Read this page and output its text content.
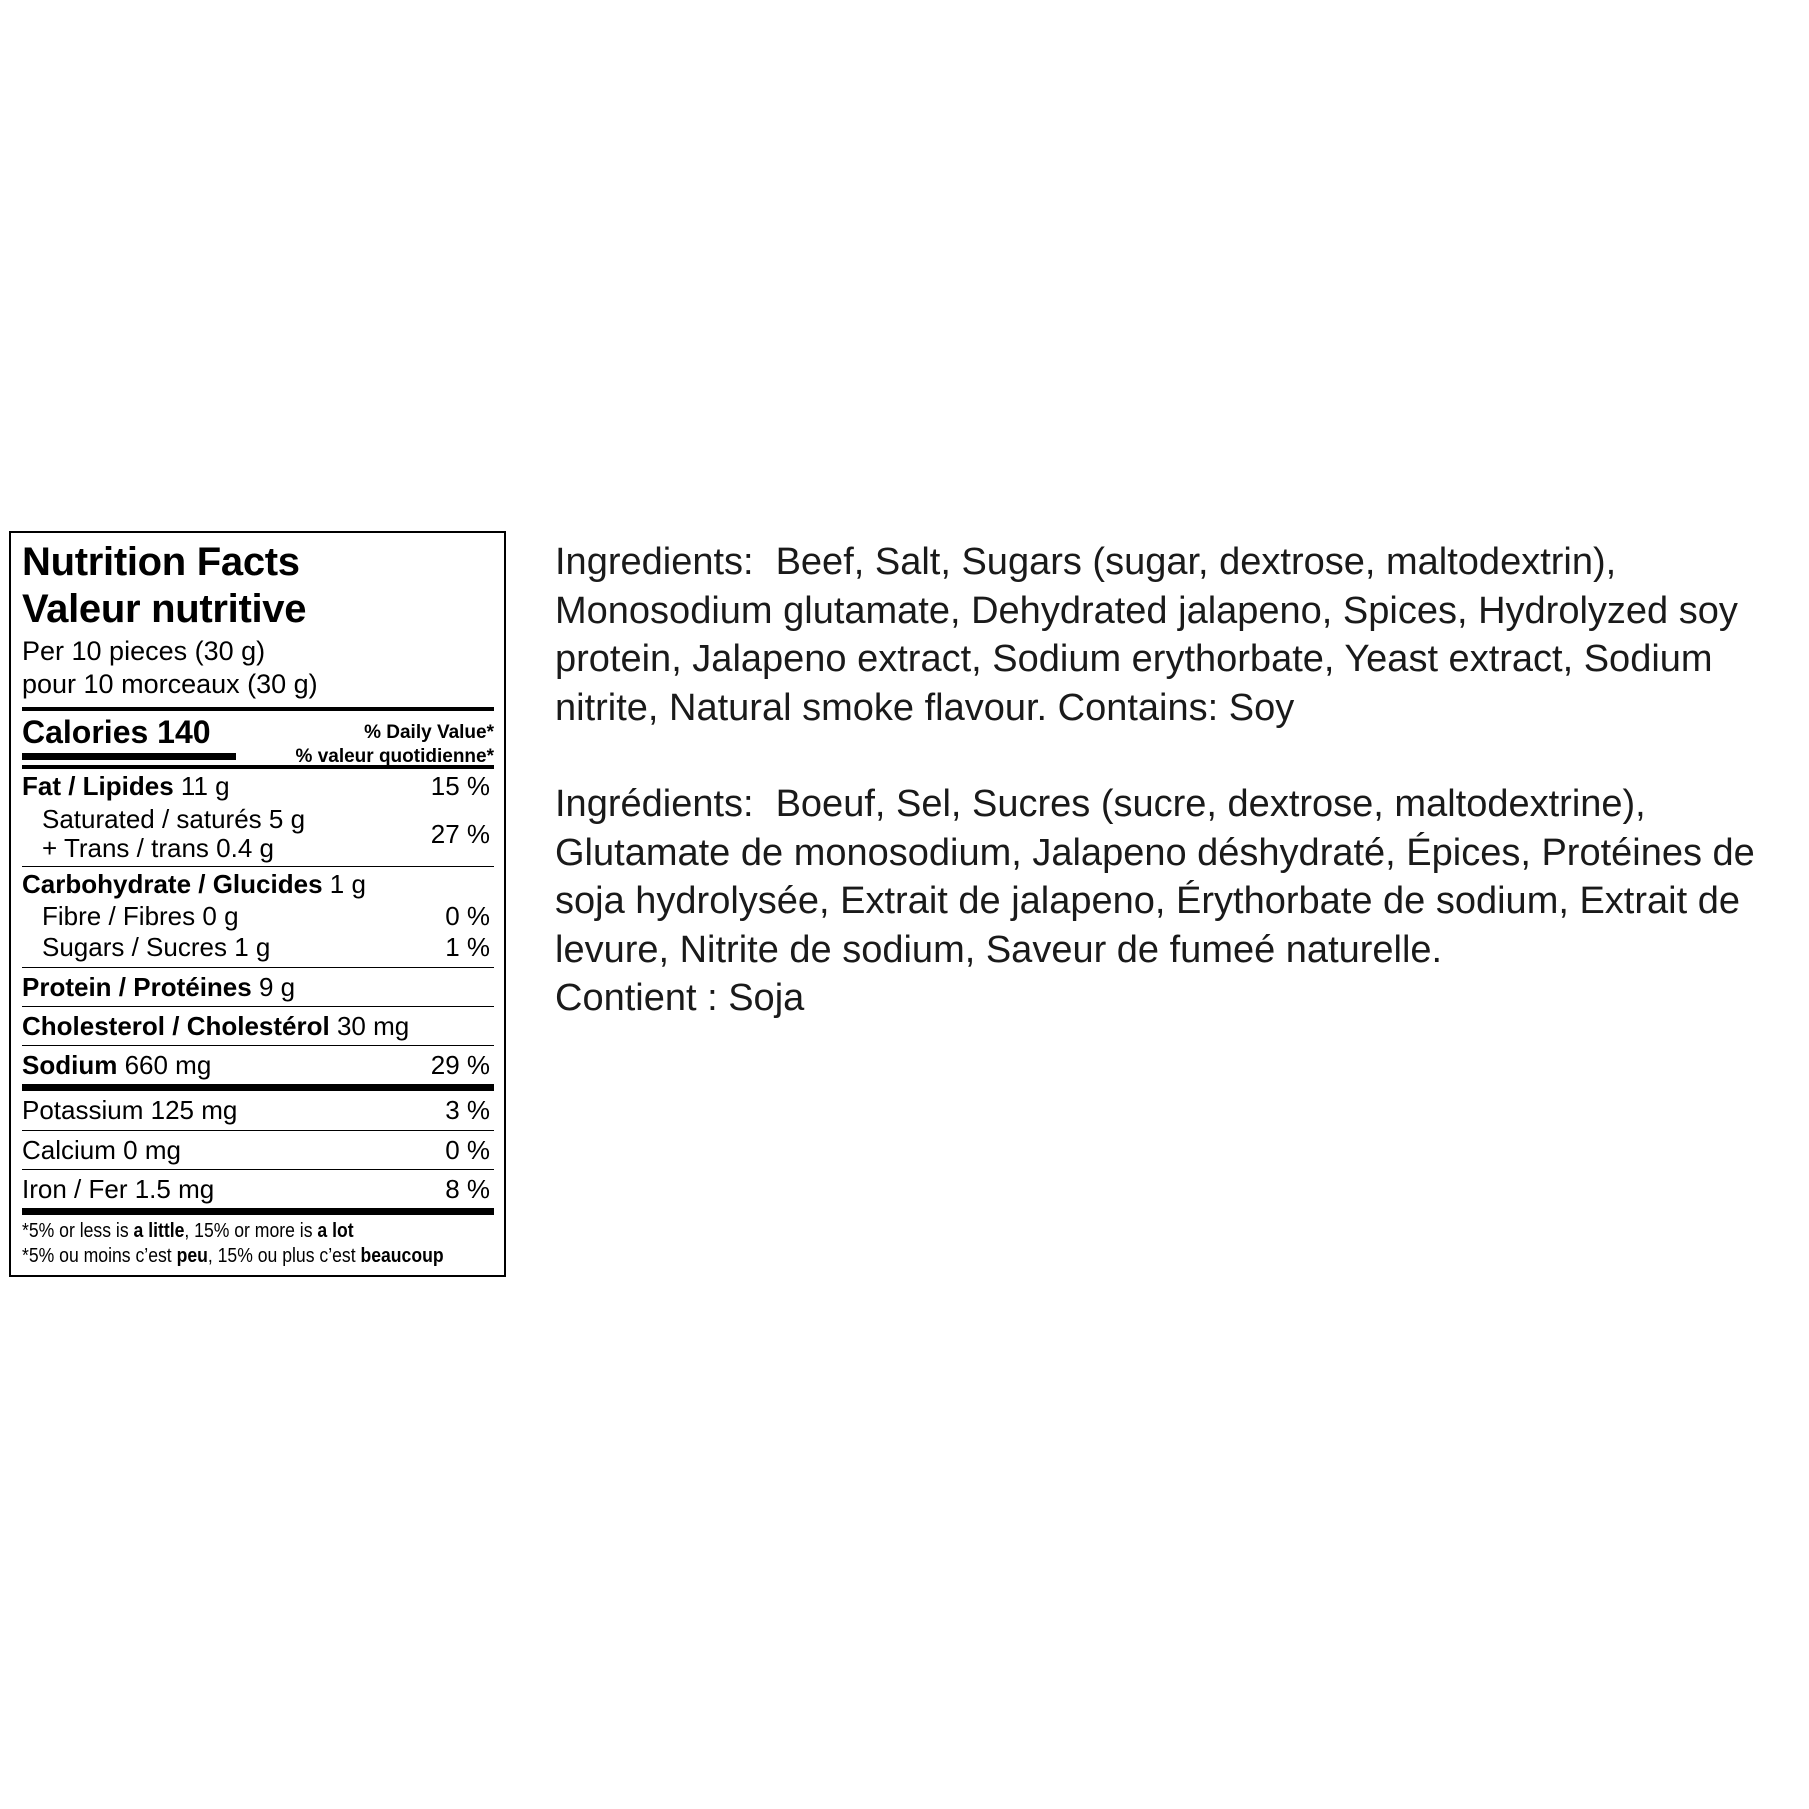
Nutrition Facts
Valeur nutritive
Per 10 pieces (30 g)
pour 10 morceaux (30 g)
Calories 140	% Daily Value*
% valeur quotidienne*
Fat / Lipides 11 g	15 %
Saturated / saturés 5 g
+ Trans / trans 0.4 g	27 %
Carbohydrate / Glucides 1 g
Fibre / Fibres 0 g	0 %
Sugars / Sucres 1 g	1 %
Protein / Protéines 9 g
Cholesterol / Cholestérol 30 mg
Sodium 660 mg	29 %
Potassium 125 mg	3 %
Calcium 0 mg	0 %
Iron / Fer 1.5 mg	8 %
*5% or less is a little, 15% or more is a lot
*5% ou moins c’est peu, 15% ou plus c’est beaucoup

Ingredients: Beef, Salt, Sugars (sugar, dextrose, maltodextrin), Monosodium glutamate, Dehydrated jalapeno, Spices, Hydrolyzed soy protein, Jalapeno extract, Sodium erythorbate, Yeast extract, Sodium nitrite, Natural smoke flavour. Contains: Soy

Ingrédients: Boeuf, Sel, Sucres (sucre, dextrose, maltodextrine), Glutamate de monosodium, Jalapeno déshydraté, Épices, Protéines de soja hydrolysée, Extrait de jalapeno, Érythorbate de sodium, Extrait de levure, Nitrite de sodium, Saveur de fumeé naturelle.

Contient : Soja
